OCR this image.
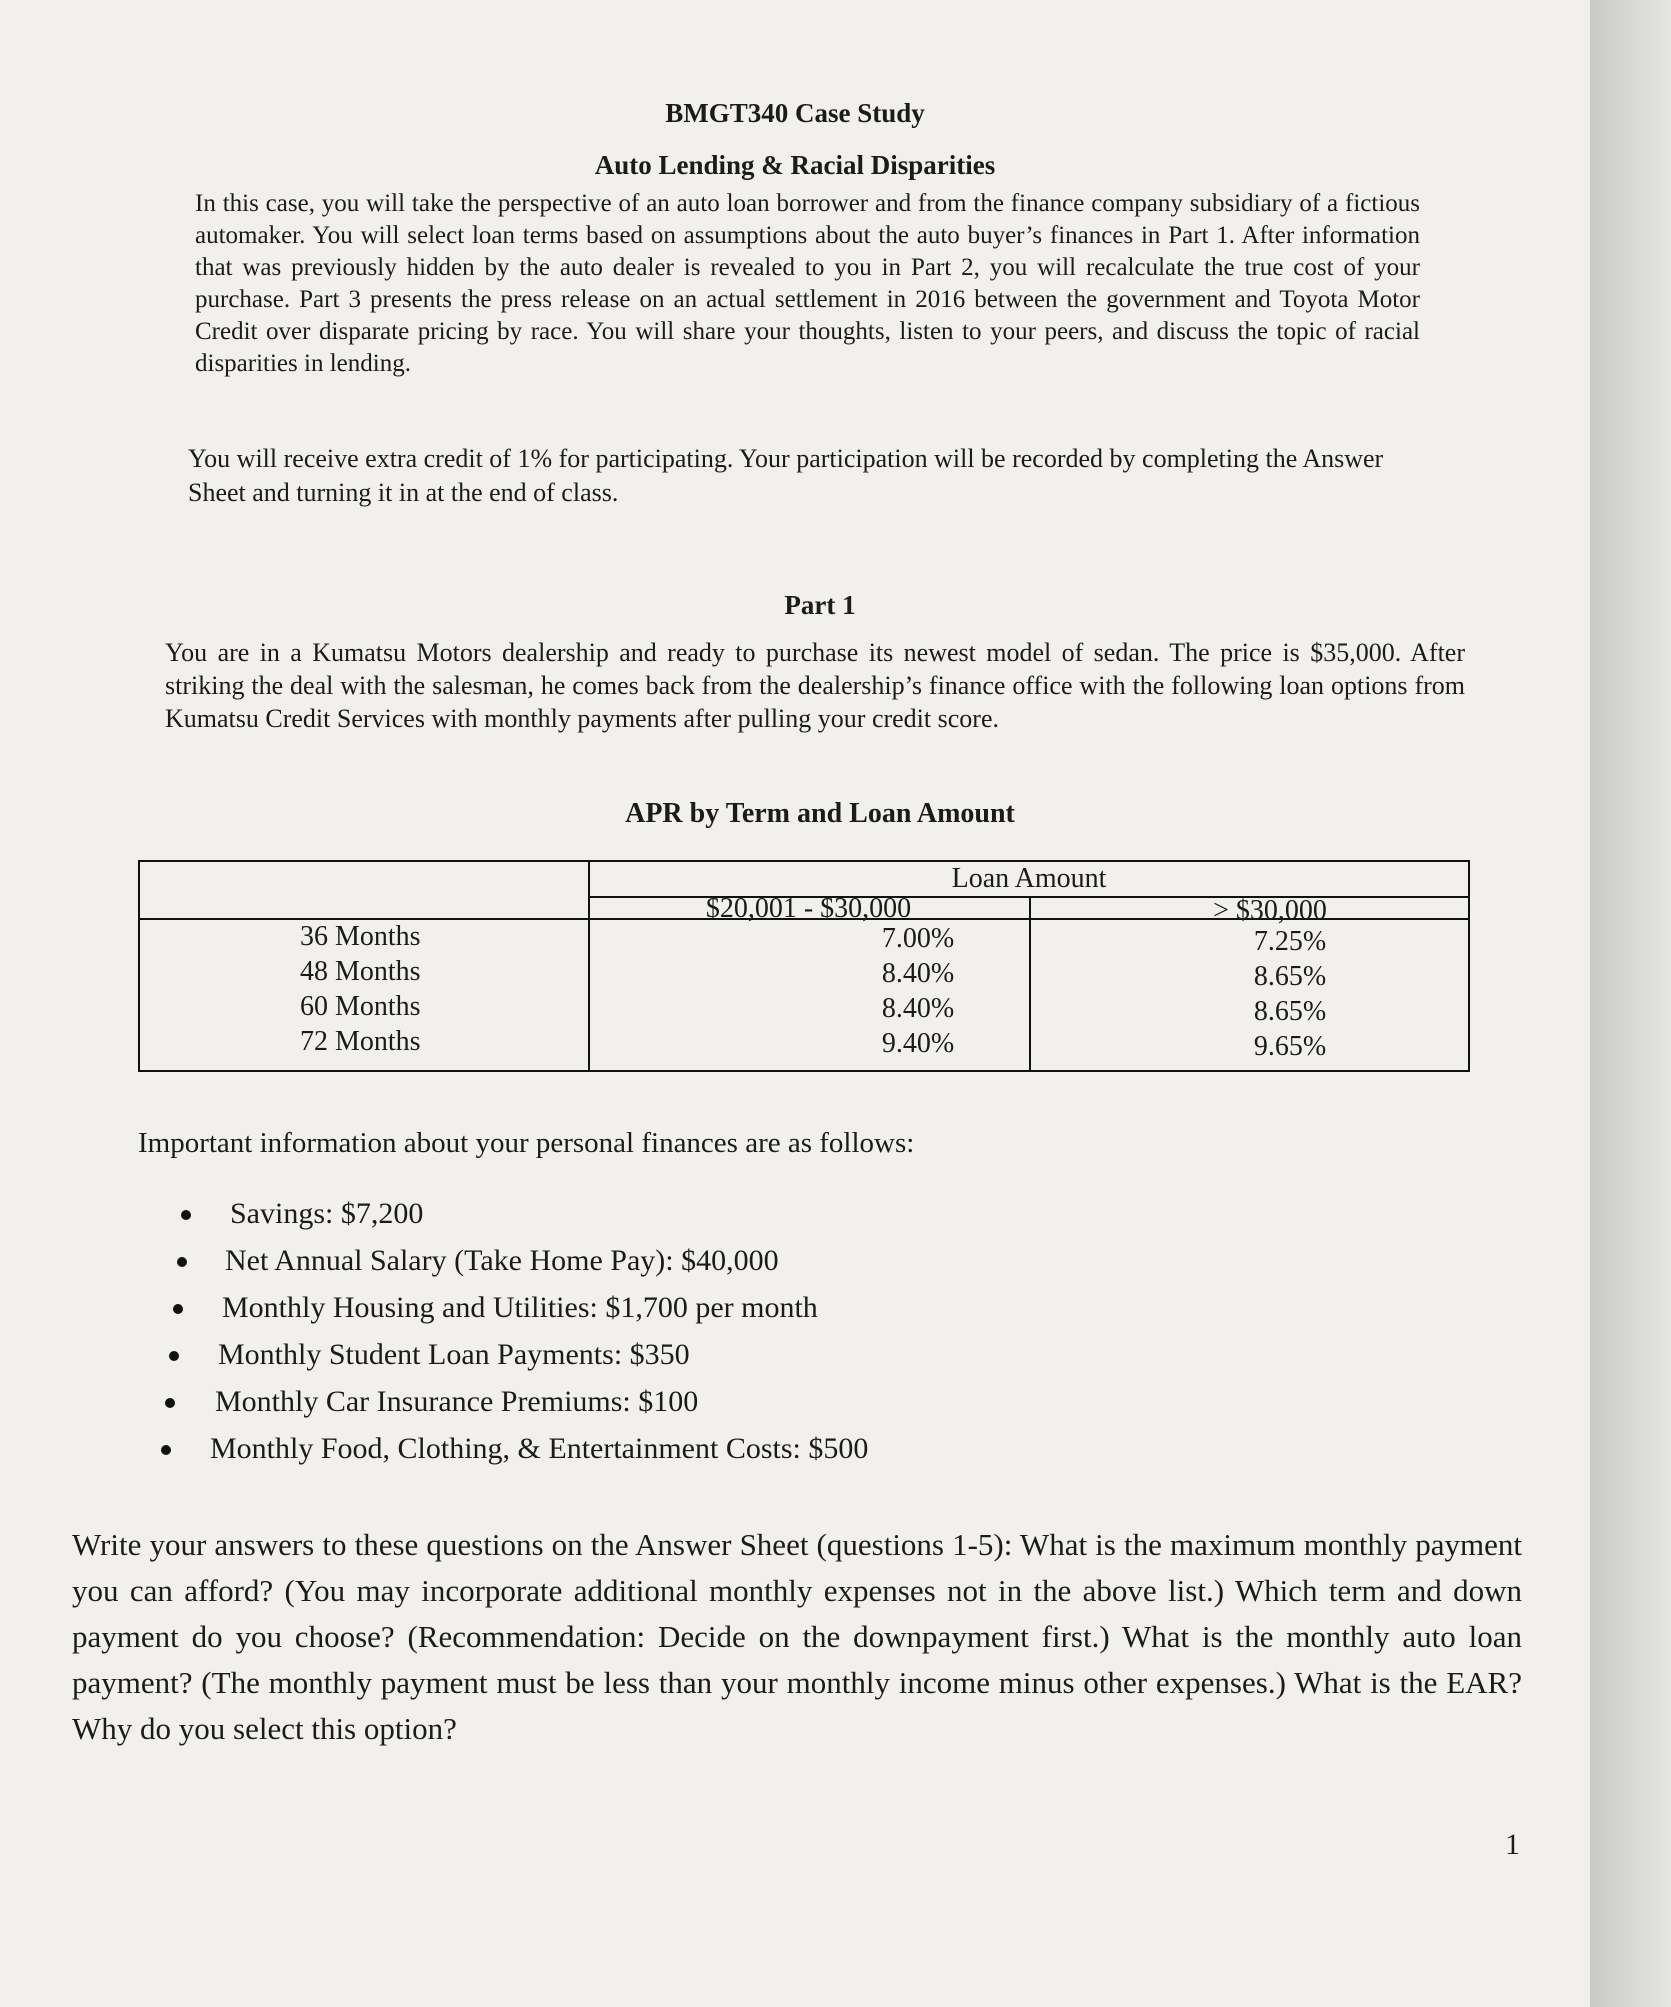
BMGT340 Case Study
Auto Lending & Racial Disparities

In this case, you will take the perspective of an auto loan borrower and from the finance company subsidiary of a fictious automaker. You will select loan terms based on assumptions about the auto buyer’s finances in Part 1. After information that was previously hidden by the auto dealer is revealed to you in Part 2, you will recalculate the true cost of your purchase. Part 3 presents the press release on an actual settlement in 2016 between the government and Toyota Motor Credit over disparate pricing by race. You will share your thoughts, listen to your peers, and discuss the topic of racial disparities in lending.

You will receive extra credit of 1% for participating. Your participation will be recorded by completing the Answer Sheet and turning it in at the end of class.

Part 1

You are in a Kumatsu Motors dealership and ready to purchase its newest model of sedan. The price is $35,000. After striking the deal with the salesman, he comes back from the dealership’s finance office with the following loan options from Kumatsu Credit Services with monthly payments after pulling your credit score.

APR by Term and Loan Amount
Loan Amount
$20,001 - $30,000	> $30,000
36 Months
48 Months
60 Months
72 Months
7.00%
8.40%
8.40%
9.40%
7.25%
8.65%
8.65%
9.65%
Important information about your personal finances are as follows:
Savings: $7,200
Net Annual Salary (Take Home Pay): $40,000
Monthly Housing and Utilities: $1,700 per month
Monthly Student Loan Payments: $350
Monthly Car Insurance Premiums: $100
Monthly Food, Clothing, & Entertainment Costs: $500

Write your answers to these questions on the Answer Sheet (questions 1-5): What is the maximum monthly payment you can afford? (You may incorporate additional monthly expenses not in the above list.) Which term and down payment do you choose? (Recommendation: Decide on the downpayment first.) What is the monthly auto loan payment? (The monthly payment must be less than your monthly income minus other expenses.) What is the EAR? Why do you select this option?

1
